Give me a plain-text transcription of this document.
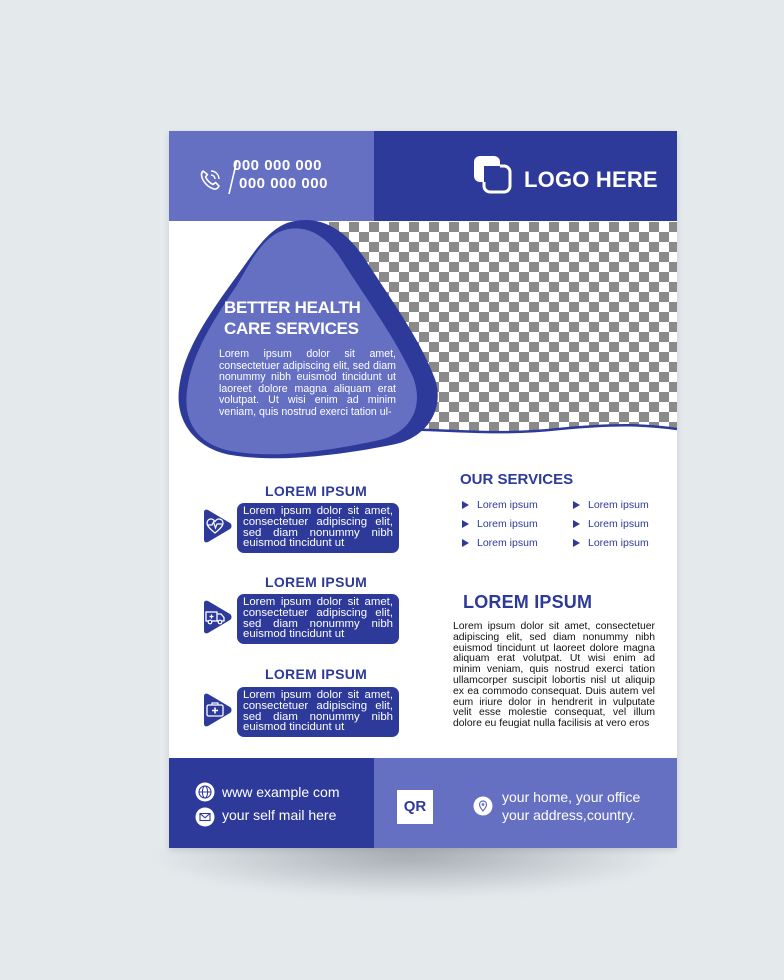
000 000 000
000 000 000	LOGO HERE
BETTER HEALTH
CARE SERVICES
Lorem ipsum dolor sit amet, consectetuer adipiscing elit, sed diam nonummy nibh euismod tincidunt ut laoreet dolore magna aliquam erat volutpat. Ut wisi enim ad minim veniam, quis nostrud exerci tation ul-
LOREM IPSUM
Lorem ipsum dolor sit amet, consectetuer adipiscing elit, sed diam nonummy nibh euismod tincidunt ut
LOREM IPSUM
Lorem ipsum dolor sit amet, consectetuer adipiscing elit, sed diam nonummy nibh euismod tincidunt ut
LOREM IPSUM
Lorem ipsum dolor sit amet, consectetuer adipiscing elit, sed diam nonummy nibh euismod tincidunt ut
OUR SERVICES
Lorem ipsum
Lorem ipsum
Lorem ipsum
Lorem ipsum
Lorem ipsum
Lorem ipsum
LOREM IPSUM
Lorem ipsum dolor sit amet, consectetuer adipiscing elit, sed diam nonummy nibh euismod tincidunt ut laoreet dolore magna aliquam erat volutpat. Ut wisi enim ad minim veniam, quis nostrud exerci tation ullamcorper suscipit lobortis nisl ut aliquip ex ea commodo consequat. Duis autem vel eum iriure dolor in hendrerit in vulputate velit esse molestie consequat, vel illum dolore eu feugiat nulla facilisis at vero eros
www example com
your self mail here	QR
your home, your office
your address,country.
